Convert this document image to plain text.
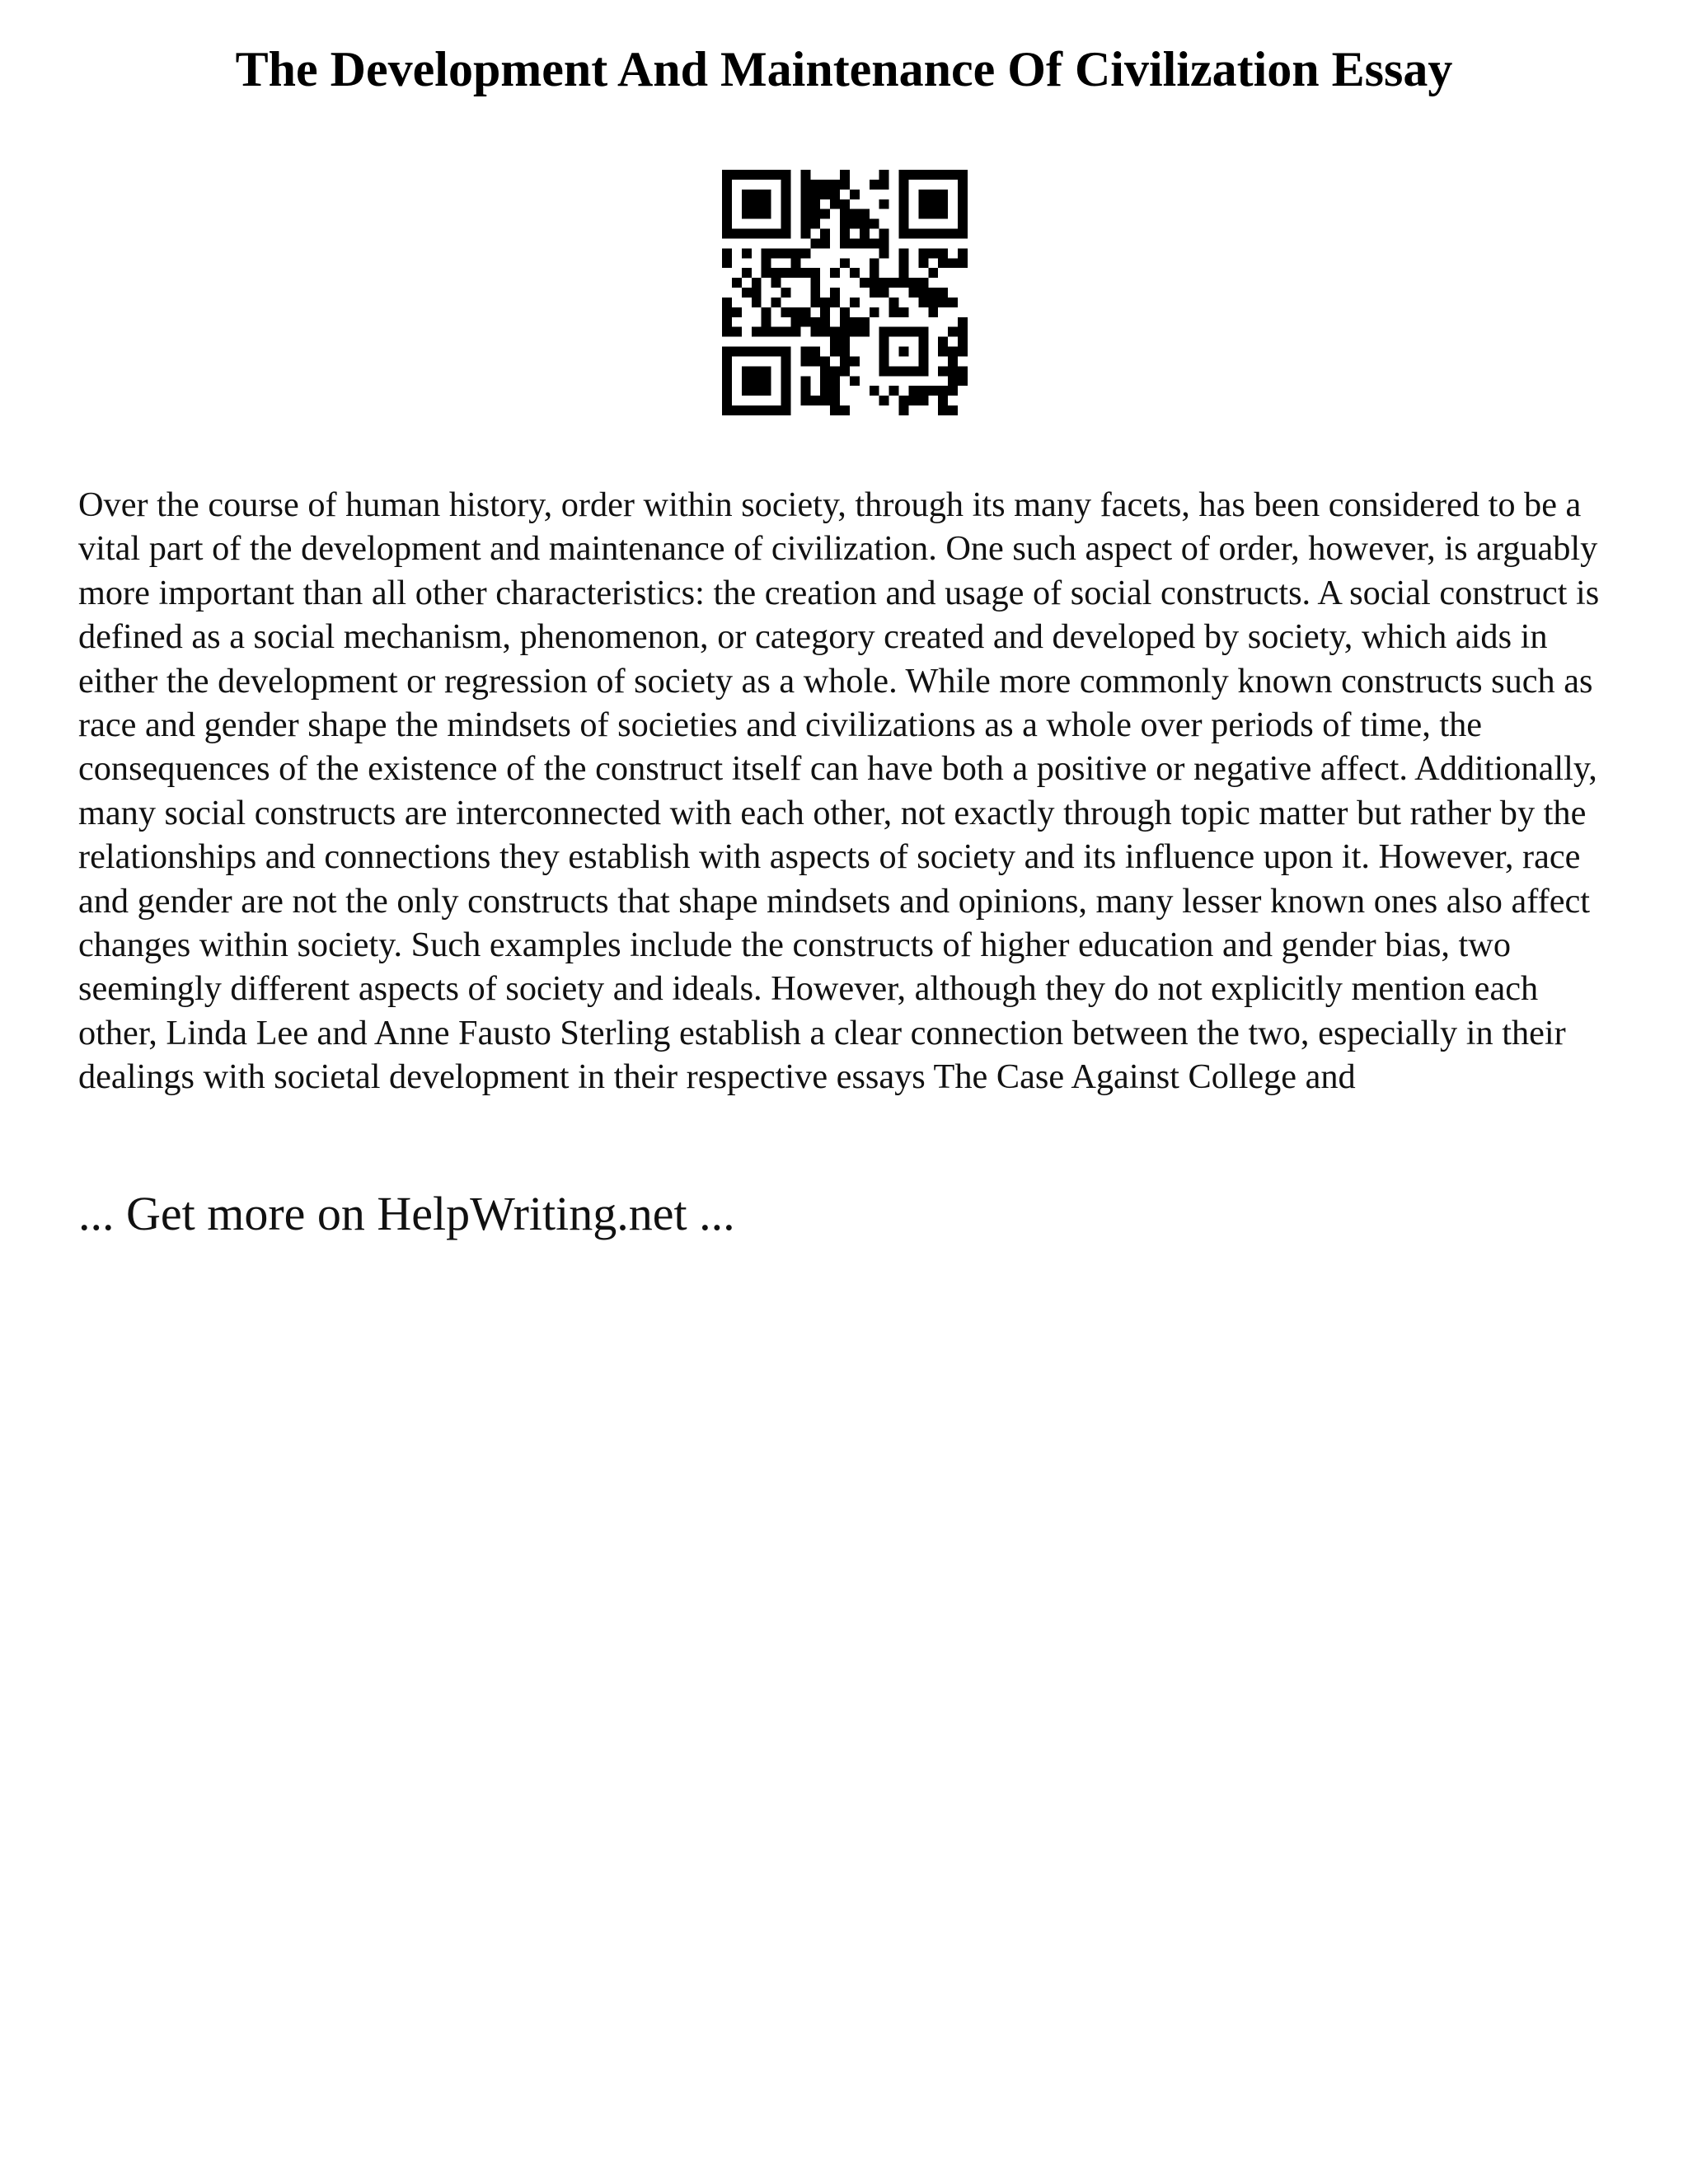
The Development And Maintenance Of Civilization Essay

Over the course of human history, order within society, through its many facets, has been considered to be a vital part of the development and maintenance of civilization. One such aspect of order, however, is arguably more important than all other characteristics: the creation and usage of social constructs. A social construct is defined as a social mechanism, phenomenon, or category created and developed by society, which aids in either the development or regression of society as a whole. While more commonly known constructs such as race and gender shape the mindsets of societies and civilizations as a whole over periods of time, the consequences of the existence of the construct itself can have both a positive or negative affect. Additionally, many social constructs are interconnected with each other, not exactly through topic matter but rather by the relationships and connections they establish with aspects of society and its influence upon it. However, race and gender are not the only constructs that shape mindsets and opinions, many lesser known ones also affect changes within society. Such examples include the constructs of higher education and gender bias, two seemingly different aspects of society and ideals. However, although they do not explicitly mention each other, Linda Lee and Anne Fausto Sterling establish a clear connection between the two, especially in their dealings with societal development in their respective essays The Case Against College and

... Get more on HelpWriting.net ...
